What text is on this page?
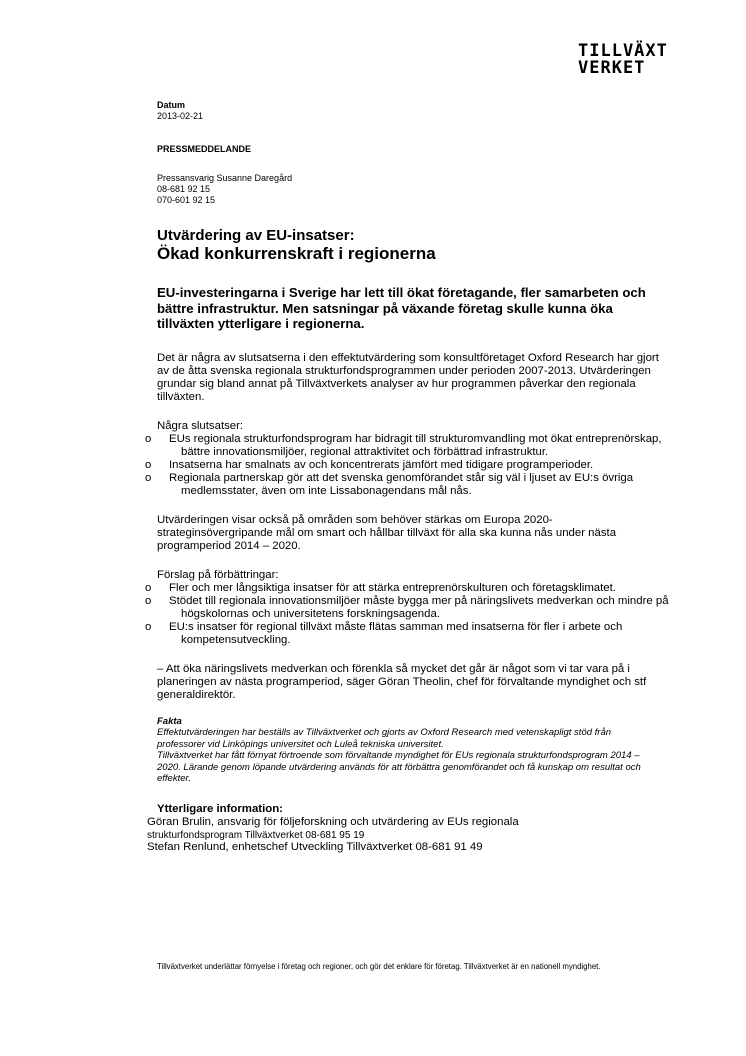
TILLVÄXT
VERKET
Datum
2013-02-21
PRESSMEDDELANDE
Pressansvarig Susanne Daregård
08-681 92 15
070-601 92 15
Utvärdering av EU-insatser:
Ökad konkurrenskraft i regionerna

EU-investeringarna i Sverige har lett till ökat företagande, fler samarbeten och bättre infrastruktur. Men satsningar på växande företag skulle kunna öka tillväxten ytterligare i regionerna.

Det är några av slutsatserna i den effektutvärdering som konsultföretaget Oxford Research har gjort av de åtta svenska regionala strukturfondsprogrammen under perioden 2007-2013. Utvärderingen grundar sig bland annat på Tillväxtverkets analyser av hur programmen påverkar den regionala tillväxten.

Några slutsatser:
o EUs regionala strukturfondsprogram har bidragit till strukturomvandling mot ökat entreprenörskap, bättre innovationsmiljöer, regional attraktivitet och förbättrad infrastruktur.
o Insatserna har smalnats av och koncentrerats jämfört med tidigare programperioder.
o Regionala partnerskap gör att det svenska genomförandet står sig väl i ljuset av EU:s övriga medlemsstater, även om inte Lissabonagendans mål nås.

Utvärderingen visar också på områden som behöver stärkas om Europa 2020-strateginsövergripande mål om smart och hållbar tillväxt för alla ska kunna nås under nästa programperiod 2014 – 2020.

Förslag på förbättringar:
o Fler och mer långsiktiga insatser för att stärka entreprenörskulturen och företagsklimatet.
o Stödet till regionala innovationsmiljöer måste bygga mer på näringslivets medverkan och mindre på högskolornas och universitetens forskningsagenda.
o EU:s insatser för regional tillväxt måste flätas samman med insatserna för fler i arbete och kompetensutveckling.

– Att öka näringslivets medverkan och förenkla så mycket det går är något som vi tar vara på i planeringen av nästa programperiod, säger Göran Theolin, chef för förvaltande myndighet och stf generaldirektör.

Fakta

Effektutvärderingen har beställs av Tillväxtverket och gjorts av Oxford Research med vetenskapligt stöd från professorer vid Linköpings universitet och Luleå tekniska universitet.

Tillväxtverket har fått förnyat förtroende som förvaltande myndighet för EUs regionala strukturfondsprogram 2014 – 2020. Lärande genom löpande utvärdering används för att förbättra genomförandet och få kunskap om resultat och effekter.

Ytterligare information:
Göran Brulin, ansvarig för följeforskning och utvärdering av EUs regionala
strukturfondsprogram Tillväxtverket 08-681 95 19
Stefan Renlund, enhetschef Utveckling Tillväxtverket 08-681 91 49
Tillväxtverket underlättar förnyelse i företag och regioner, och gör det enklare för företag. Tillväxtverket är en nationell myndighet.
